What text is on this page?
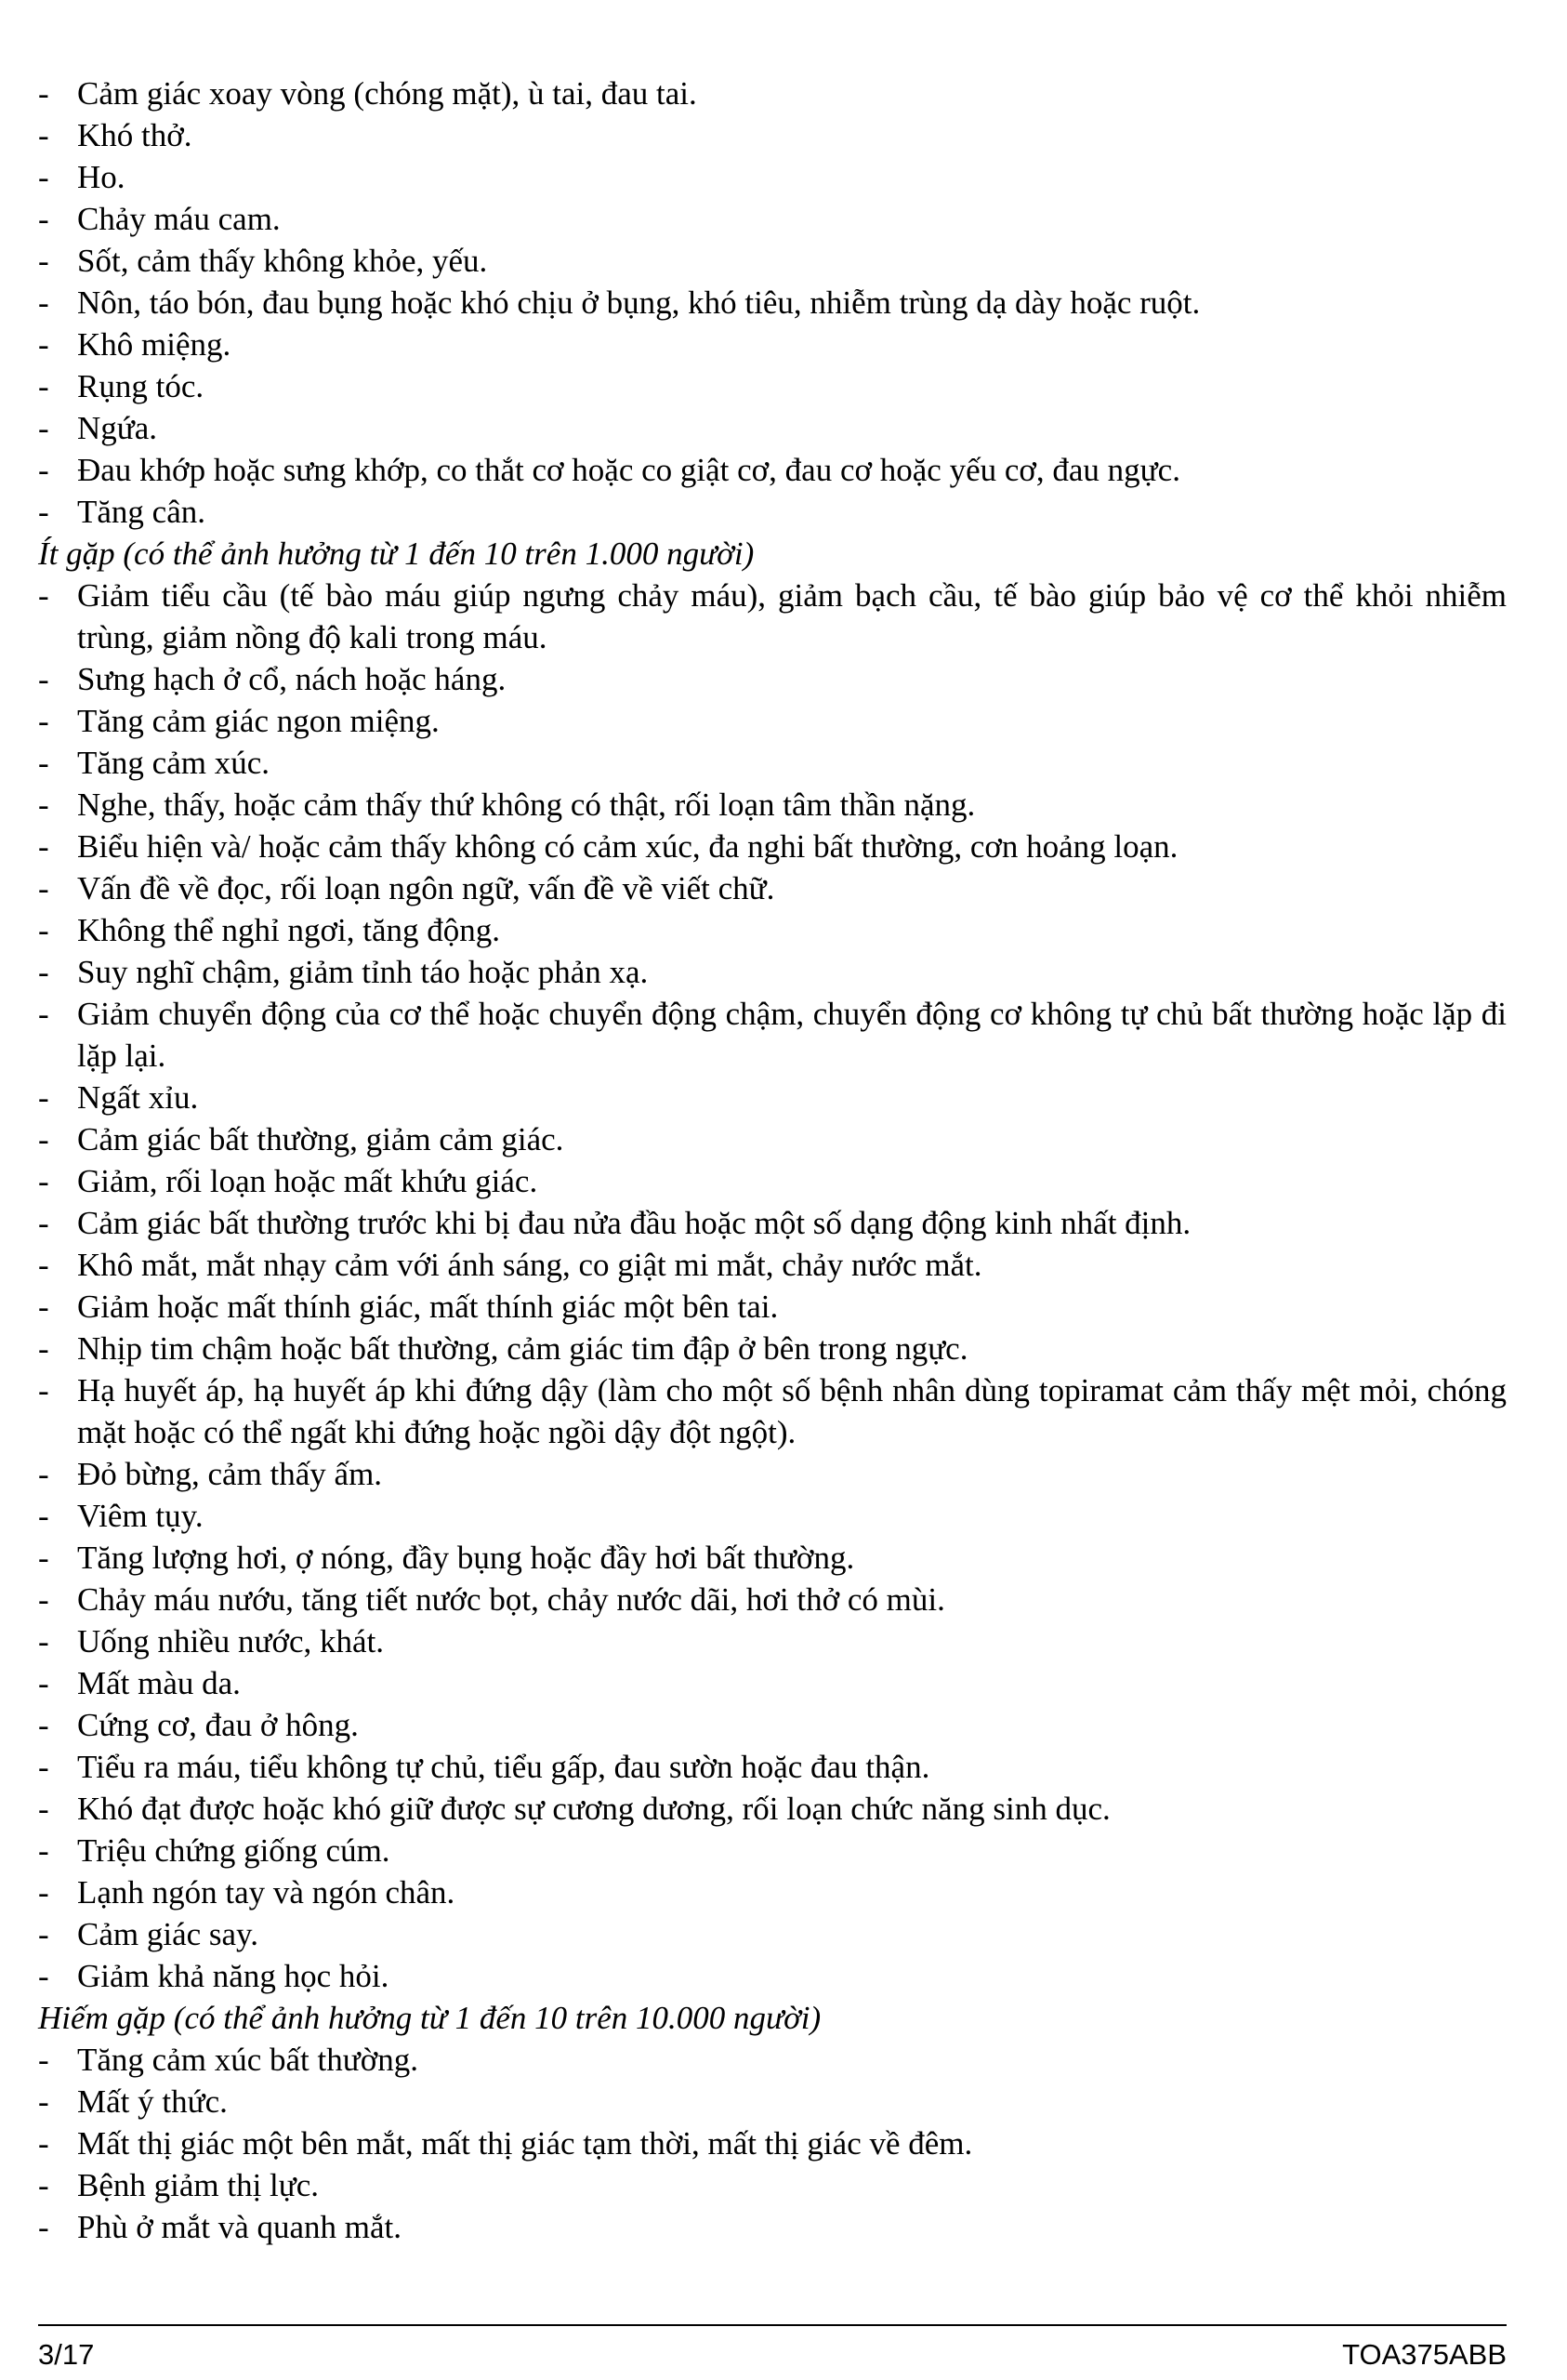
- Cảm giác xoay vòng (chóng mặt), ù tai, đau tai.
- Khó thở.
- Ho.
- Chảy máu cam.
- Sốt, cảm thấy không khỏe, yếu.
- Nôn, táo bón, đau bụng hoặc khó chịu ở bụng, khó tiêu, nhiễm trùng dạ dày hoặc ruột.
- Khô miệng.
- Rụng tóc.
- Ngứa.
- Đau khớp hoặc sưng khớp, co thắt cơ hoặc co giật cơ, đau cơ hoặc yếu cơ, đau ngực.
- Tăng cân.
Ít gặp (có thể ảnh hưởng từ 1 đến 10 trên 1.000 người)
- Giảm tiểu cầu (tế bào máu giúp ngưng chảy máu), giảm bạch cầu, tế bào giúp bảo vệ cơ thể khỏi nhiễm trùng, giảm nồng độ kali trong máu.
- Sưng hạch ở cổ, nách hoặc háng.
- Tăng cảm giác ngon miệng.
- Tăng cảm xúc.
- Nghe, thấy, hoặc cảm thấy thứ không có thật, rối loạn tâm thần nặng.
- Biểu hiện và/ hoặc cảm thấy không có cảm xúc, đa nghi bất thường, cơn hoảng loạn.
- Vấn đề về đọc, rối loạn ngôn ngữ, vấn đề về viết chữ.
- Không thể nghỉ ngơi, tăng động.
- Suy nghĩ chậm, giảm tỉnh táo hoặc phản xạ.
- Giảm chuyển động của cơ thể hoặc chuyển động chậm, chuyển động cơ không tự chủ bất thường hoặc lặp đi lặp lại.
- Ngất xỉu.
- Cảm giác bất thường, giảm cảm giác.
- Giảm, rối loạn hoặc mất khứu giác.
- Cảm giác bất thường trước khi bị đau nửa đầu hoặc một số dạng động kinh nhất định.
- Khô mắt, mắt nhạy cảm với ánh sáng, co giật mi mắt, chảy nước mắt.
- Giảm hoặc mất thính giác, mất thính giác một bên tai.
- Nhịp tim chậm hoặc bất thường, cảm giác tim đập ở bên trong ngực.
- Hạ huyết áp, hạ huyết áp khi đứng dậy (làm cho một số bệnh nhân dùng topiramat cảm thấy mệt mỏi, chóng mặt hoặc có thể ngất khi đứng hoặc ngồi dậy đột ngột).
- Đỏ bừng, cảm thấy ấm.
- Viêm tụy.
- Tăng lượng hơi, ợ nóng, đầy bụng hoặc đầy hơi bất thường.
- Chảy máu nướu, tăng tiết nước bọt, chảy nước dãi, hơi thở có mùi.
- Uống nhiều nước, khát.
- Mất màu da.
- Cứng cơ, đau ở hông.
- Tiểu ra máu, tiểu không tự chủ, tiểu gấp, đau sườn hoặc đau thận.
- Khó đạt được hoặc khó giữ được sự cương dương, rối loạn chức năng sinh dục.
- Triệu chứng giống cúm.
- Lạnh ngón tay và ngón chân.
- Cảm giác say.
- Giảm khả năng học hỏi.
Hiếm gặp (có thể ảnh hưởng từ 1 đến 10 trên 10.000 người)
- Tăng cảm xúc bất thường.
- Mất ý thức.
- Mất thị giác một bên mắt, mất thị giác tạm thời, mất thị giác về đêm.
- Bệnh giảm thị lực.
- Phù ở mắt và quanh mắt.
3/17	TOA375ABB
